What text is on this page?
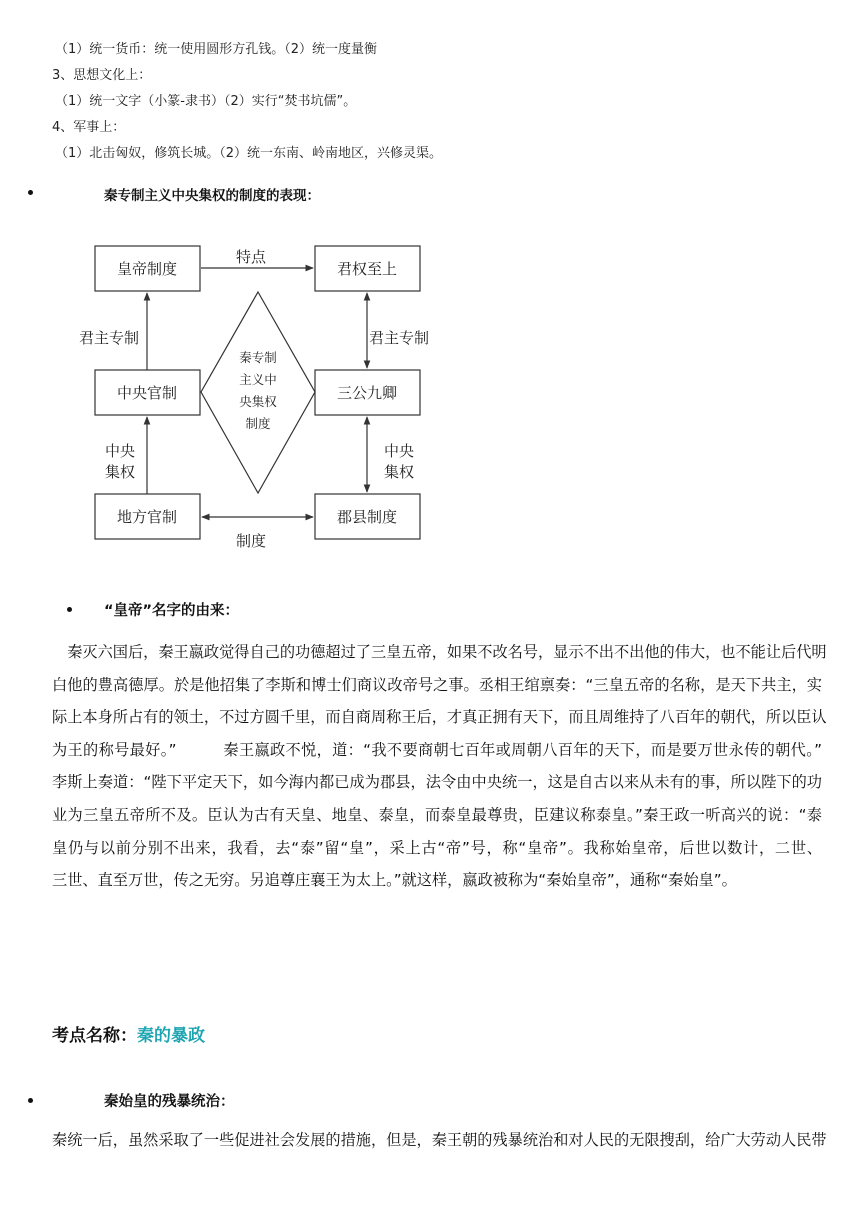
（1）统一货币：统一使用圆形方孔钱。（2）统一度量衡
3、思想文化上：
（1）统一文字（小篆-隶书）（2）实行“焚书坑儒”。
4、军事上：
（1）北击匈奴，修筑长城。（2）统一东南、岭南地区，兴修灵渠。
秦专制主义中央集权的制度的表现：
皇帝制度	君权至上
中央官制	三公九卿
地方官制	郡县制度
特点
君主专制	君主专制
中央
集权
中央
集权
制度
秦专制
主义中
央集权
制度
“皇帝”名字的由来：
　秦灭六国后，秦王嬴政觉得自己的功德超过了三皇五帝，如果不改名号，显示不出不出他的伟大，也不能让后代明
白他的豊高德厚。於是他招集了李斯和博士们商议改帝号之事。丞相王绾禀奏：“三皇五帝的名称，是天下共主，实
际上本身所占有的领土，不过方圆千里，而自商周称王后，才真正拥有天下，而且周维持了八百年的朝代，所以臣认
为王的称号最好。”　　　秦王嬴政不悦，道：“我不要商朝七百年或周朝八百年的天下，而是要万世永传的朝代。”
李斯上奏道：“陛下平定天下，如今海内都已成为郡县，法令由中央统一，这是自古以来从未有的事，所以陛下的功
业为三皇五帝所不及。臣认为古有天皇、地皇、泰皇，而泰皇最尊贵，臣建议称泰皇。”秦王政一听高兴的说：“泰
皇仍与以前分别不出来，我看，去“泰”留“皇”，采上古“帝”号，称“皇帝”。我称始皇帝，后世以数计，二世、
三世、直至万世，传之无穷。另追尊庄襄王为太上。”就这样，嬴政被称为“秦始皇帝”，通称“秦始皇”。
考点名称：秦的暴政
秦始皇的残暴统治：
秦统一后，虽然采取了一些促进社会发展的措施，但是，秦王朝的残暴统治和对人民的无限搜刮，给广大劳动人民带
